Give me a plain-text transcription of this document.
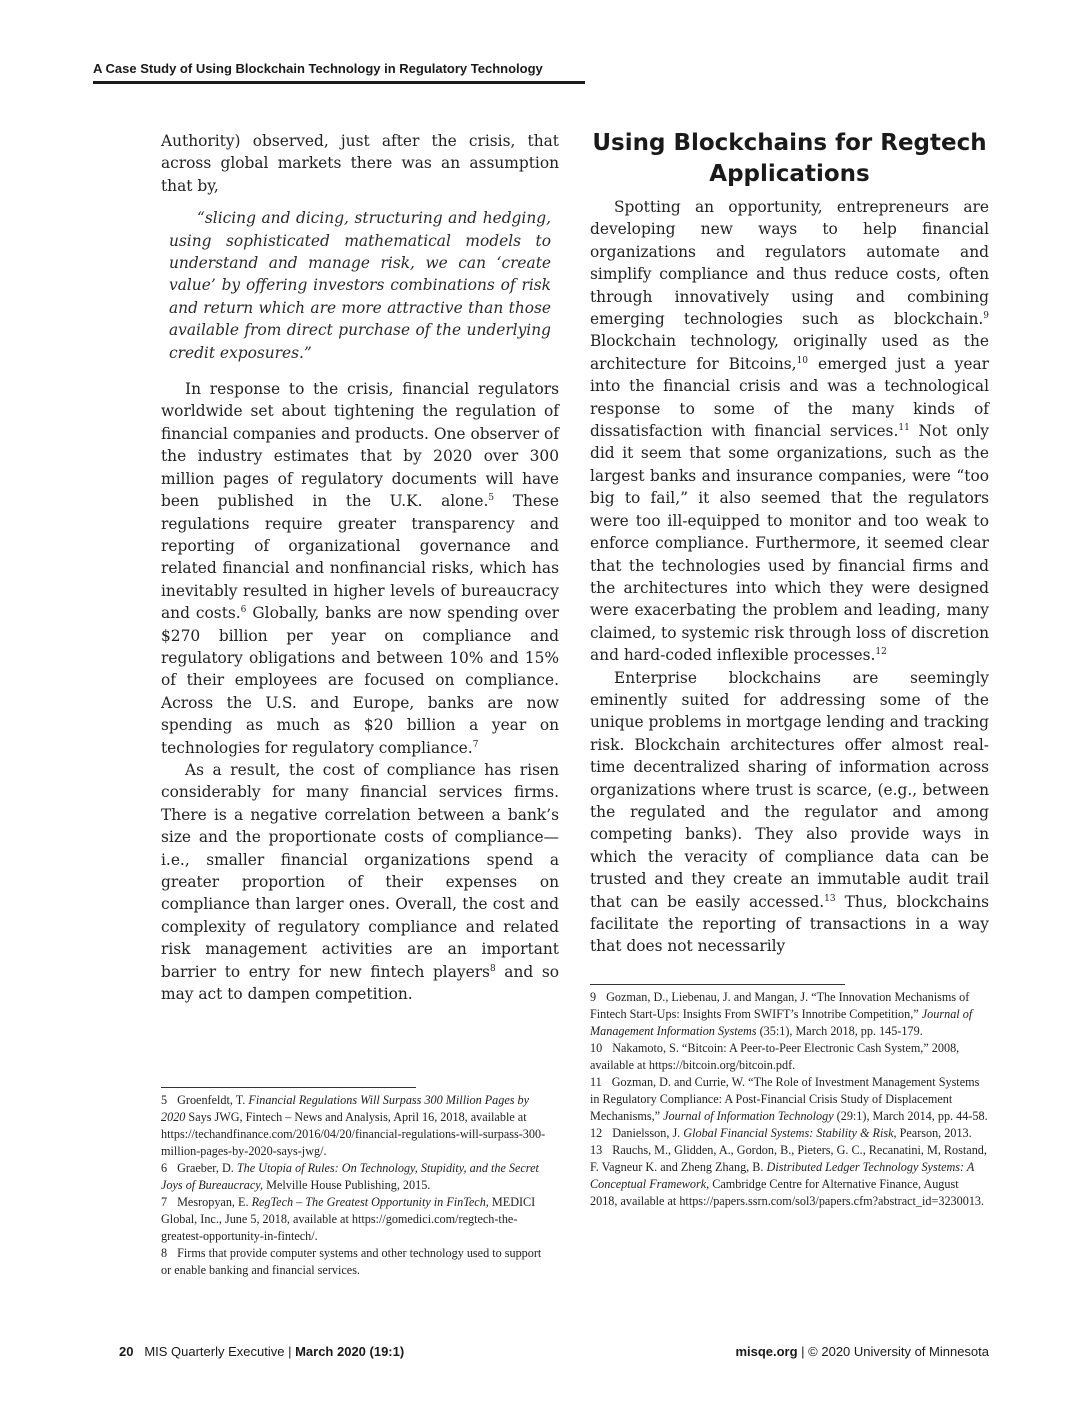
A Case Study of Using Blockchain Technology in Regulatory Technology

Authority) observed, just after the crisis, that across global markets there was an assumption that by,

“slicing and dicing, structuring and hedging, using sophisticated mathematical models to understand and manage risk, we can ‘create value’ by offering investors combinations of risk and return which are more attractive than those available from direct purchase of the underlying credit exposures.”

In response to the crisis, financial regulators worldwide set about tightening the regulation of financial companies and products. One observer of the industry estimates that by 2020 over 300 million pages of regulatory documents will have been published in the U.K. alone.$^5$ These regulations require greater transparency and reporting of organizational governance and related financial and nonfinancial risks, which has inevitably resulted in higher levels of bureaucracy and costs.$^6$ Globally, banks are now spending over $270 billion per year on compliance and regulatory obligations and between 10% and 15% of their employees are focused on compliance. Across the U.S. and Europe, banks are now spending as much as $20 billion a year on technologies for regulatory compliance.$^7$

As a result, the cost of compliance has risen considerably for many financial services firms. There is a negative correlation between a bank’s size and the proportionate costs of compliance—i.e., smaller financial organizations spend a greater proportion of their expenses on compliance than larger ones. Overall, the cost and complexity of regulatory compliance and related risk management activities are an important barrier to entry for new fintech players$^8$ and so may act to dampen competition.

Using Blockchains for Regtech Applications

Spotting an opportunity, entrepreneurs are developing new ways to help financial organizations and regulators automate and simplify compliance and thus reduce costs, often through innovatively using and combining emerging technologies such as blockchain.$^9$ Blockchain technology, originally used as the architecture for Bitcoins,$^{10}$ emerged just a year into the financial crisis and was a technological response to some of the many kinds of dissatisfaction with financial services.$^{11}$ Not only did it seem that some organizations, such as the largest banks and insurance companies, were “too big to fail,” it also seemed that the regulators were too ill-equipped to monitor and too weak to enforce compliance. Furthermore, it seemed clear that the technologies used by financial firms and the architectures into which they were designed were exacerbating the problem and leading, many claimed, to systemic risk through loss of discretion and hard-coded inflexible processes.$^{12}$

Enterprise blockchains are seemingly eminently suited for addressing some of the unique problems in mortgage lending and tracking risk. Blockchain architectures offer almost real-time decentralized sharing of information across organizations where trust is scarce, (e.g., between the regulated and the regulator and among competing banks). They also provide ways in which the veracity of compliance data can be trusted and they create an immutable audit trail that can be easily accessed.$^{13}$ Thus, blockchains facilitate the reporting of transactions in a way that does not necessarily

5 Groenfeldt, T. Financial Regulations Will Surpass 300 Million Pages by 2020 Says JWG, Fintech – News and Analysis, April 16, 2018, available at https://techandfinance.com/2016/04/20/financial-regulations-will-surpass-300-million-pages-by-2020-says-jwg/.

6 Graeber, D. The Utopia of Rules: On Technology, Stupidity, and the Secret Joys of Bureaucracy, Melville House Publishing, 2015.

7 Mesropyan, E. RegTech – The Greatest Opportunity in FinTech, MEDICI Global, Inc., June 5, 2018, available at https://gomedici.com/regtech-the-greatest-opportunity-in-fintech/.

8 Firms that provide computer systems and other technology used to support or enable banking and financial services.

9 Gozman, D., Liebenau, J. and Mangan, J. “The Innovation Mechanisms of Fintech Start-Ups: Insights From SWIFT’s Innotribe Competition,” Journal of Management Information Systems (35:1), March 2018, pp. 145-179.

10 Nakamoto, S. “Bitcoin: A Peer-to-Peer Electronic Cash System,” 2008, available at https://bitcoin.org/bitcoin.pdf.

11 Gozman, D. and Currie, W. “The Role of Investment Management Systems in Regulatory Compliance: A Post-Financial Crisis Study of Displacement Mechanisms,” Journal of Information Technology (29:1), March 2014, pp. 44-58.

12 Danielsson, J. Global Financial Systems: Stability & Risk, Pearson, 2013.

13 Rauchs, M., Glidden, A., Gordon, B., Pieters, G. C., Recanatini, M, Rostand, F. Vagneur K. and Zheng Zhang, B. Distributed Ledger Technology Systems: A Conceptual Framework, Cambridge Centre for Alternative Finance, August 2018, available at https://papers.ssrn.com/sol3/papers.cfm?abstract_id=3230013.

20 MIS Quarterly Executive | March 2020 (19:1)	misqe.org | © 2020 University of Minnesota
